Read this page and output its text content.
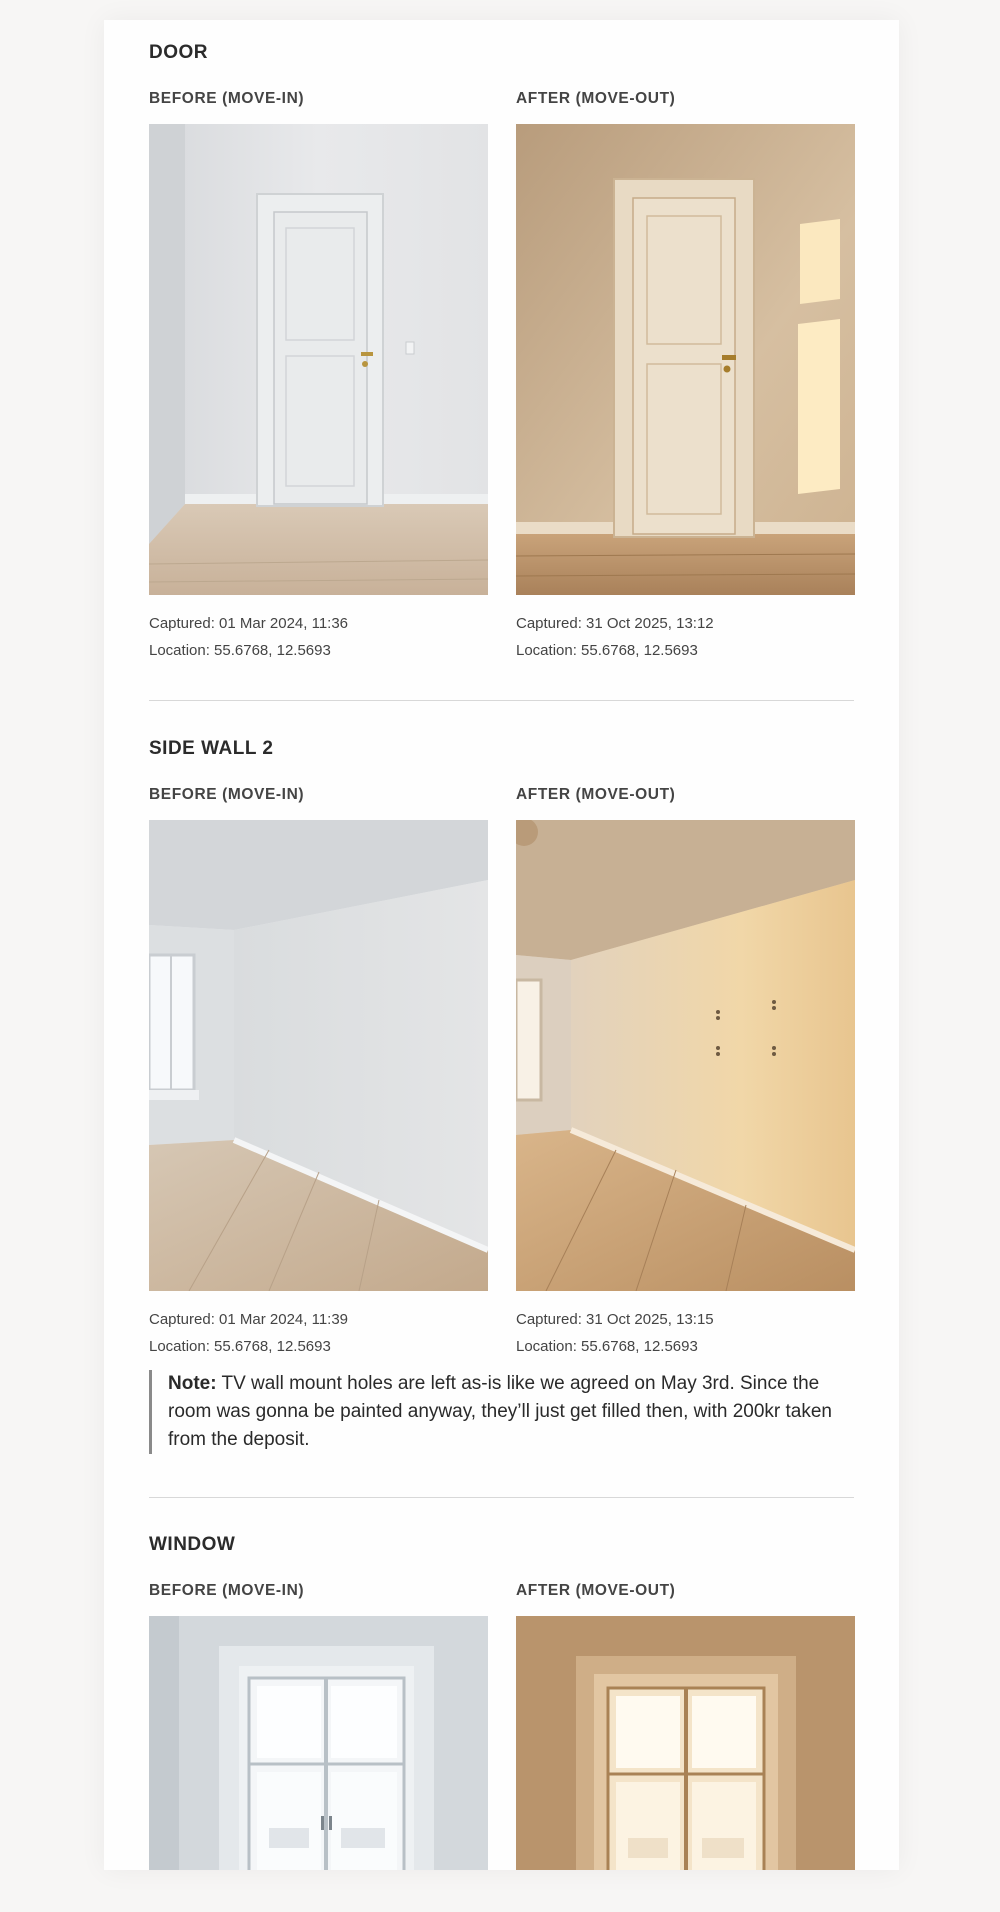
DOOR
BEFORE (MOVE-IN)
Captured: 01 Mar 2024, 11:36
Location: 55.6768, 12.5693
AFTER (MOVE-OUT)
Captured: 31 Oct 2025, 13:12
Location: 55.6768, 12.5693
SIDE WALL 2
BEFORE (MOVE-IN)
Captured: 01 Mar 2024, 11:39
Location: 55.6768, 12.5693
AFTER (MOVE-OUT)
Captured: 31 Oct 2025, 13:15
Location: 55.6768, 12.5693
Note: TV wall mount holes are left as-is like we agreed on May 3rd. Since the room was gonna be painted anyway, they’ll just get filled then, with 200kr taken from the deposit.
WINDOW
BEFORE (MOVE-IN)	AFTER (MOVE-OUT)
